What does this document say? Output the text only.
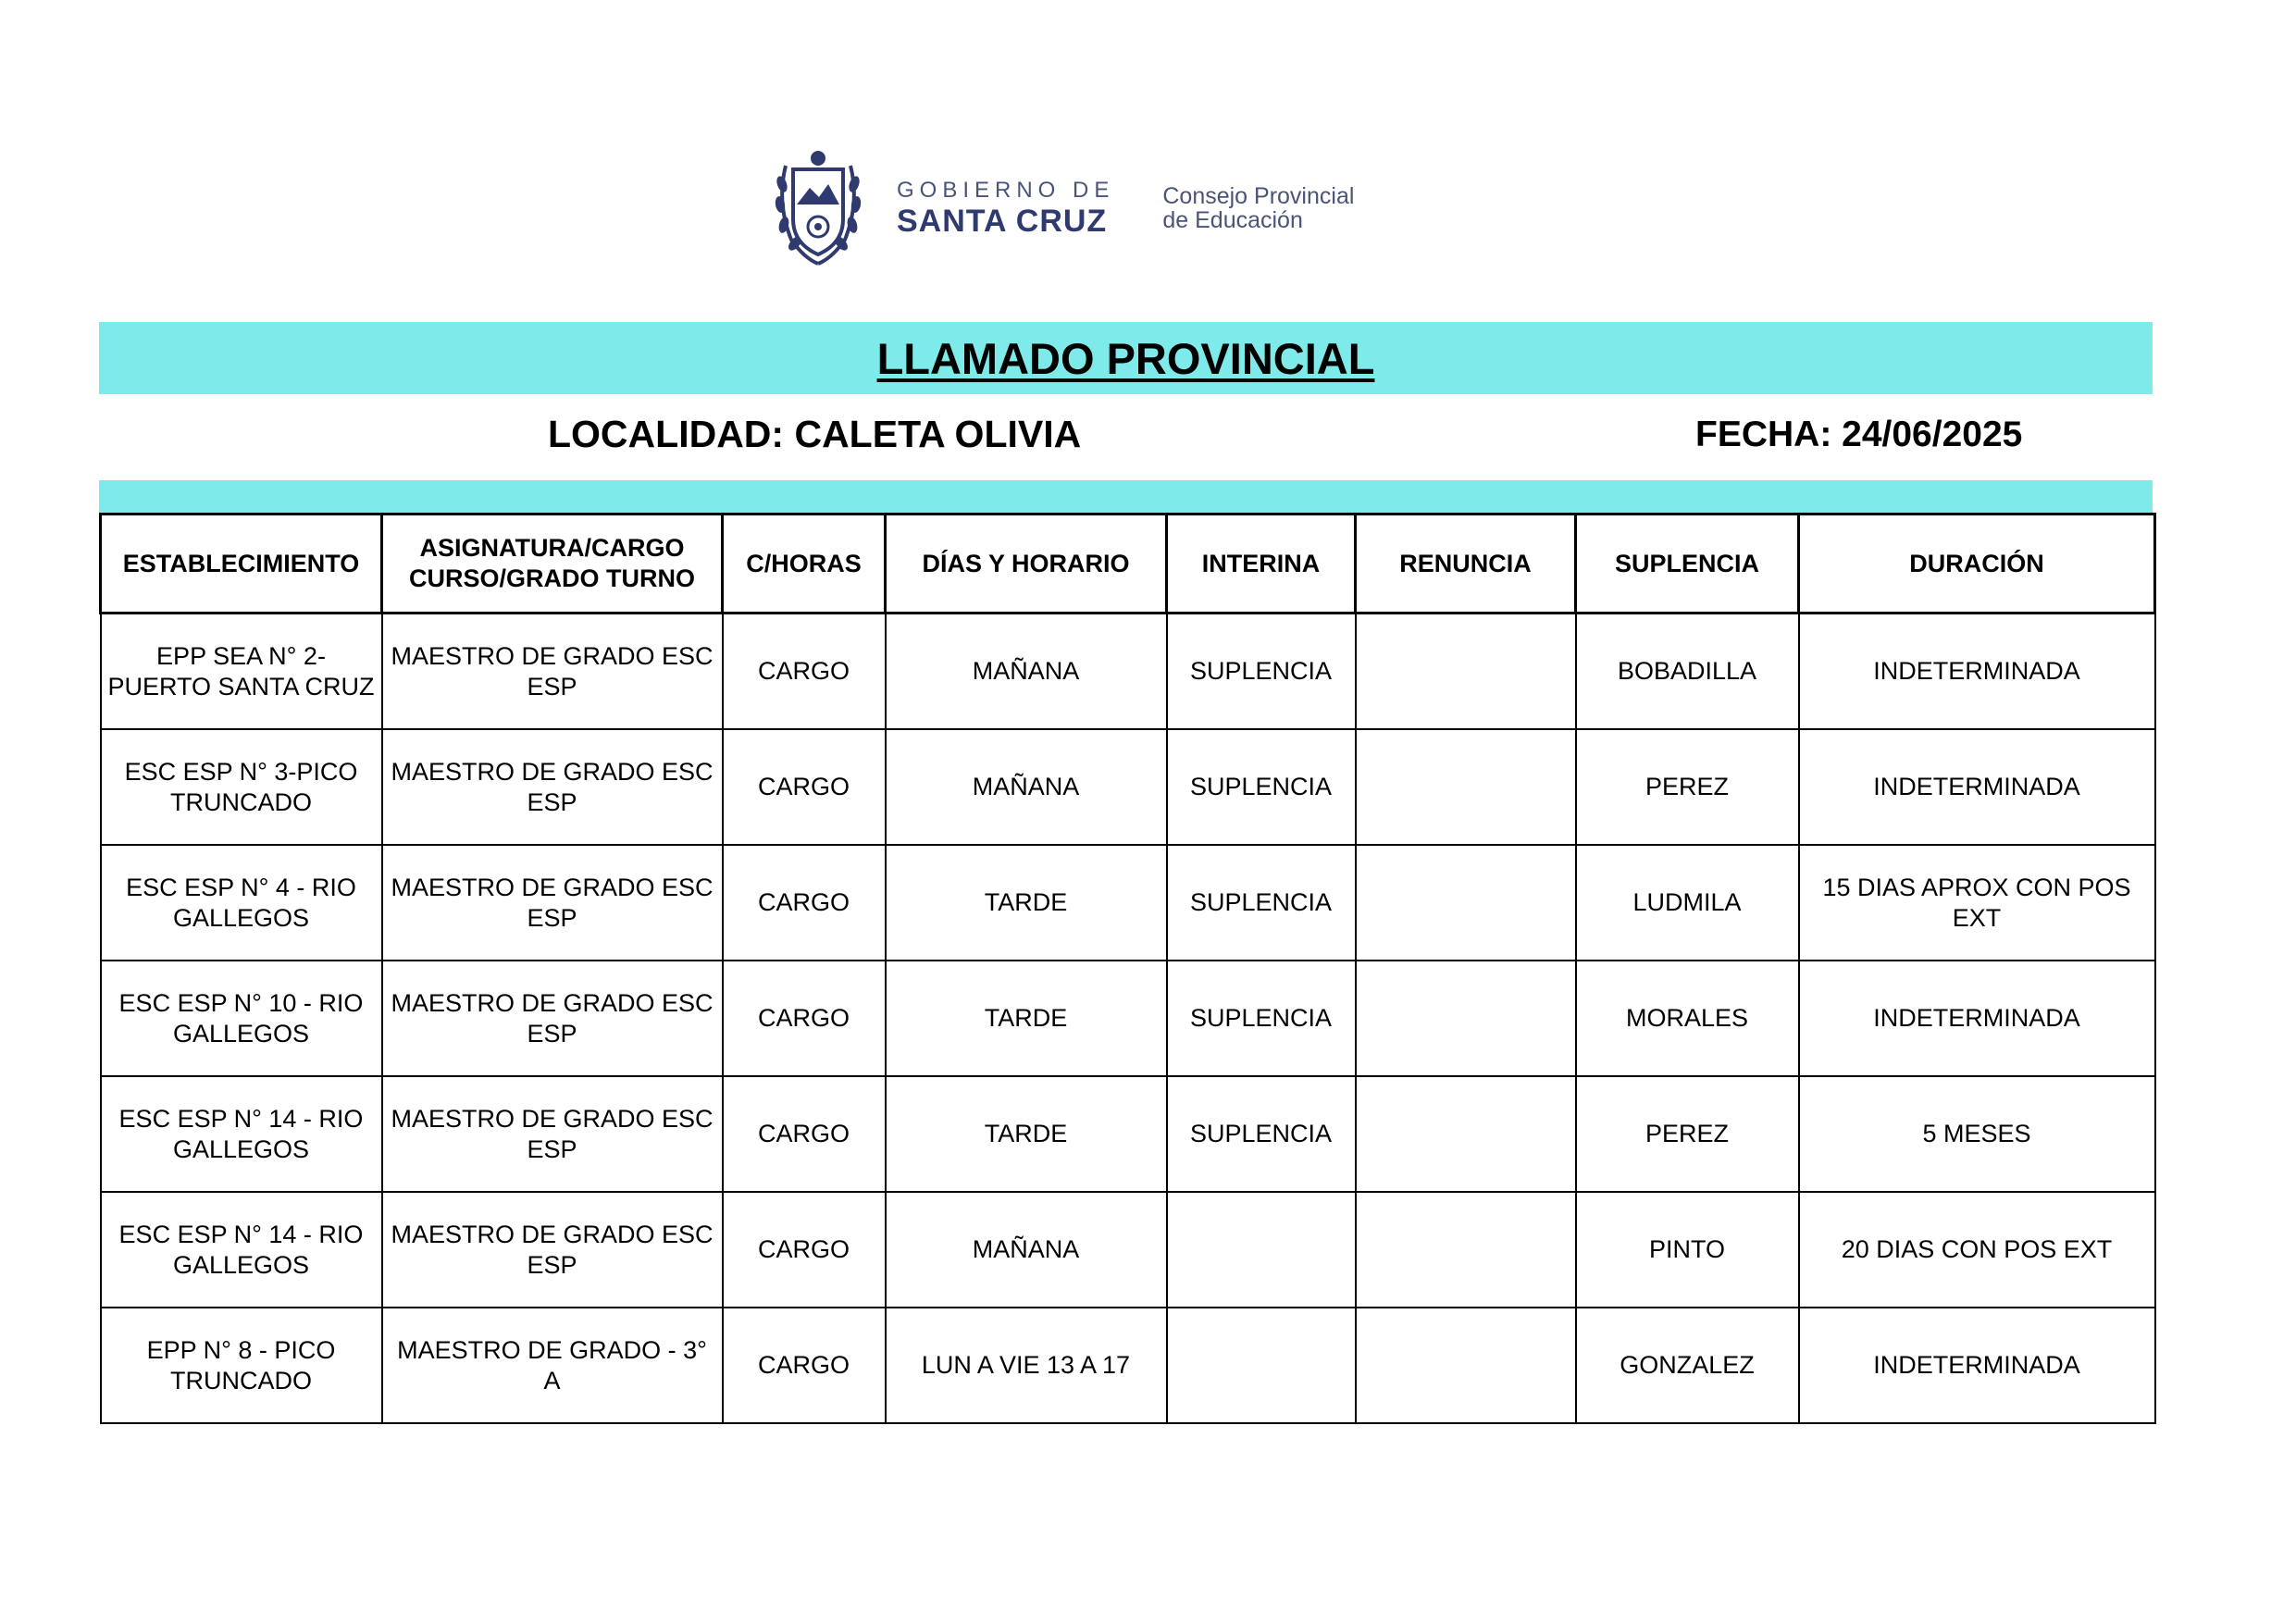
GOBIERNO DE
SANTA CRUZ
Consejo Provincial
de Educación
LLAMADO PROVINCIAL
LOCALIDAD: CALETA OLIVIA	FECHA: 24/06/2025
ESTABLECIMIENTO	ASIGNATURA/CARGO CURSO/GRADO TURNO	C/HORAS	DÍAS Y HORARIO	INTERINA	RENUNCIA	SUPLENCIA	DURACIÓN
EPP SEA N° 2- PUERTO SANTA CRUZ	MAESTRO DE GRADO ESC ESP	CARGO	MAÑANA	SUPLENCIA		BOBADILLA	INDETERMINADA
ESC ESP N° 3-PICO TRUNCADO	MAESTRO DE GRADO ESC ESP	CARGO	MAÑANA	SUPLENCIA		PEREZ	INDETERMINADA
ESC ESP N° 4 - RIO GALLEGOS	MAESTRO DE GRADO ESC ESP	CARGO	TARDE	SUPLENCIA		LUDMILA	15 DIAS APROX CON POS EXT
ESC ESP N° 10 - RIO GALLEGOS	MAESTRO DE GRADO ESC ESP	CARGO	TARDE	SUPLENCIA		MORALES	INDETERMINADA
ESC ESP N° 14 - RIO GALLEGOS	MAESTRO DE GRADO ESC ESP	CARGO	TARDE	SUPLENCIA		PEREZ	5 MESES
ESC ESP N° 14 - RIO GALLEGOS	MAESTRO DE GRADO ESC ESP	CARGO	MAÑANA			PINTO	20 DIAS CON POS EXT
EPP N° 8 - PICO TRUNCADO	MAESTRO DE GRADO - 3° A	CARGO	LUN A VIE 13 A 17			GONZALEZ	INDETERMINADA
